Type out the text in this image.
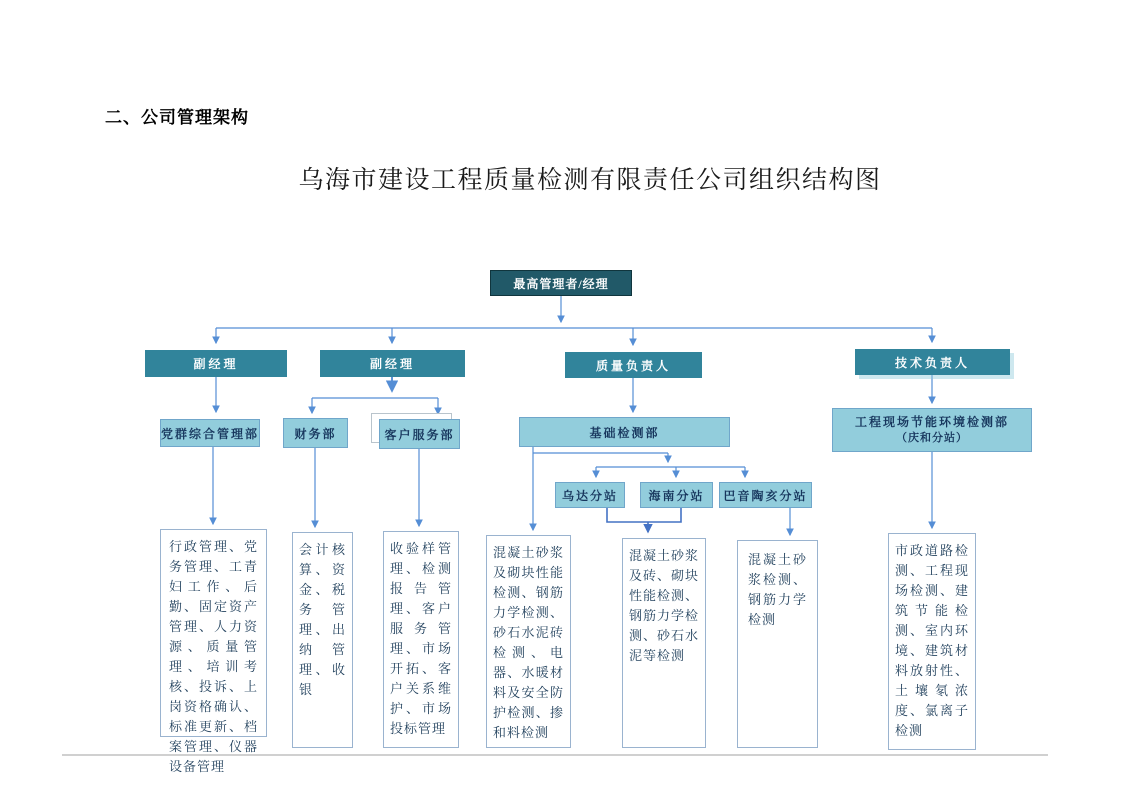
二、公司管理架构
乌海市建设工程质量检测有限责任公司组织结构图
最高管理者/经理
副经理	副经理	质量负责人	技术负责人
党群综合管理部	财务部	客户服务部	基础检测部
工程现场节能环境检测部
（庆和分站）
乌达分站	海南分站	巴音陶亥分站
行政管理、党务管理、工青妇工作、后勤、固定资产管理、人力资源、质量管理、培训考核、投诉、上岗资格确认、标准更新、档案管理、仪器设备管理
会计核算、资金、税务管理、出纳管理、收银
收验样管理、检测报告管理、客户服务管理、市场开拓、客户关系维护、市场投标管理
混凝土砂浆及砌块性能检测、钢筋力学检测、砂石水泥砖检测、电器、水暖材料及安全防护检测、掺和料检测
混凝土砂浆及砖、砌块性能检测、钢筋力学检测、砂石水泥等检测
混凝土砂浆检测、钢筋力学检测
市政道路检测、工程现场检测、建筑节能检测、室内环境、建筑材料放射性、土壤氡浓度、氯离子检测
